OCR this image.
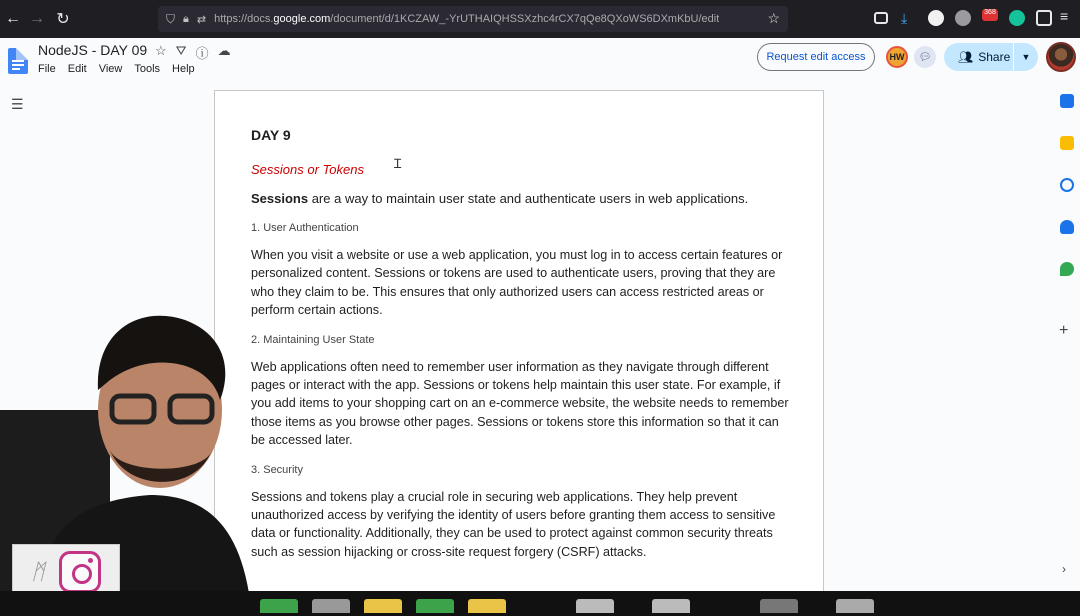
← → ↻	⛉ 🔒︎ ⇄ https://docs.google.com/document/d/1KCZAW_-YrUTHAIQHSSXzhc4rCX7qQe8QXoWS6DXmKbU/edit	☆	⤓	368	≡
NodeJS - DAY 09 ☆ ⛛ ⓘ ☁
File Edit View Tools Help
Request edit access	HW	💬︎	👥︎ Share	▼
☰
+
DAY 9
Sessions or Tokens
Sessions are a way to maintain user state and authenticate users in web applications.
1. User Authentication
When you visit a website or use a web application, you must log in to access certain features or personalized content. Sessions or tokens are used to authenticate users, proving that they are who they claim to be. This ensures that only authorized users can access restricted areas or perform certain actions.
2. Maintaining User State
Web applications often need to remember user information as they navigate through different pages or interact with the app. Sessions or tokens help maintain this user state. For example, if you add items to your shopping cart on an e-commerce website, the website needs to remember those items as you browse other pages. Sessions or tokens store this information so that it can be accessed later.
3. Security
Sessions and tokens play a crucial role in securing web applications. They help prevent unauthorized access by verifying the identity of users before granting them access to sensitive data or functionality. Additionally, they can be used to protect against common security threats such as session hijacking or cross-site request forgery (CSRF) attacks.
Ɪ
ᛗ	›
